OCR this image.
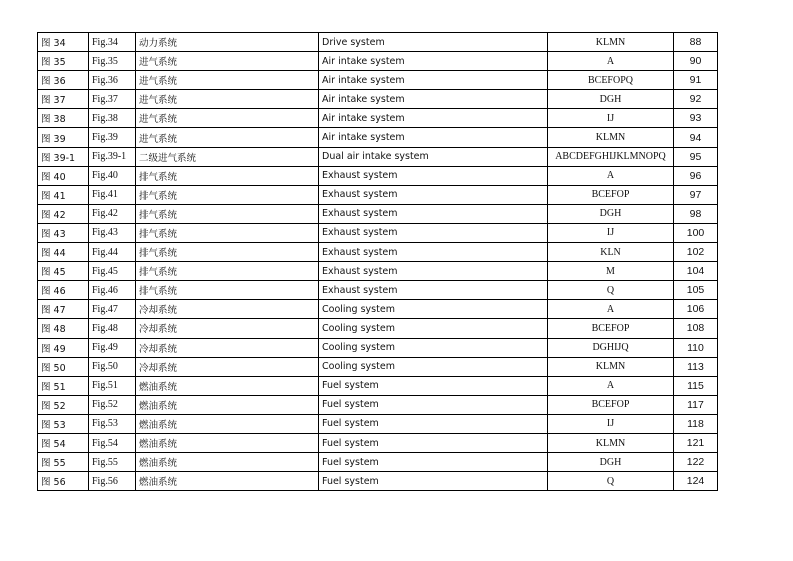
图 34	Fig.34	动力系统	Drive system	KLMN	88
图 35	Fig.35	进气系统	Air intake system	A	90
图 36	Fig.36	进气系统	Air intake system	BCEFOPQ	91
图 37	Fig.37	进气系统	Air intake system	DGH	92
图 38	Fig.38	进气系统	Air intake system	IJ	93
图 39	Fig.39	进气系统	Air intake system	KLMN	94
图 39-1	Fig.39-1	二级进气系统	Dual air intake system	ABCDEFGHIJKLMNOPQ	95
图 40	Fig.40	排气系统	Exhaust system	A	96
图 41	Fig.41	排气系统	Exhaust system	BCEFOP	97
图 42	Fig.42	排气系统	Exhaust system	DGH	98
图 43	Fig.43	排气系统	Exhaust system	IJ	100
图 44	Fig.44	排气系统	Exhaust system	KLN	102
图 45	Fig.45	排气系统	Exhaust system	M	104
图 46	Fig.46	排气系统	Exhaust system	Q	105
图 47	Fig.47	冷却系统	Cooling system	A	106
图 48	Fig.48	冷却系统	Cooling system	BCEFOP	108
图 49	Fig.49	冷却系统	Cooling system	DGHIJQ	110
图 50	Fig.50	冷却系统	Cooling system	KLMN	113
图 51	Fig.51	燃油系统	Fuel system	A	115
图 52	Fig.52	燃油系统	Fuel system	BCEFOP	117
图 53	Fig.53	燃油系统	Fuel system	IJ	118
图 54	Fig.54	燃油系统	Fuel system	KLMN	121
图 55	Fig.55	燃油系统	Fuel system	DGH	122
图 56	Fig.56	燃油系统	Fuel system	Q	124
